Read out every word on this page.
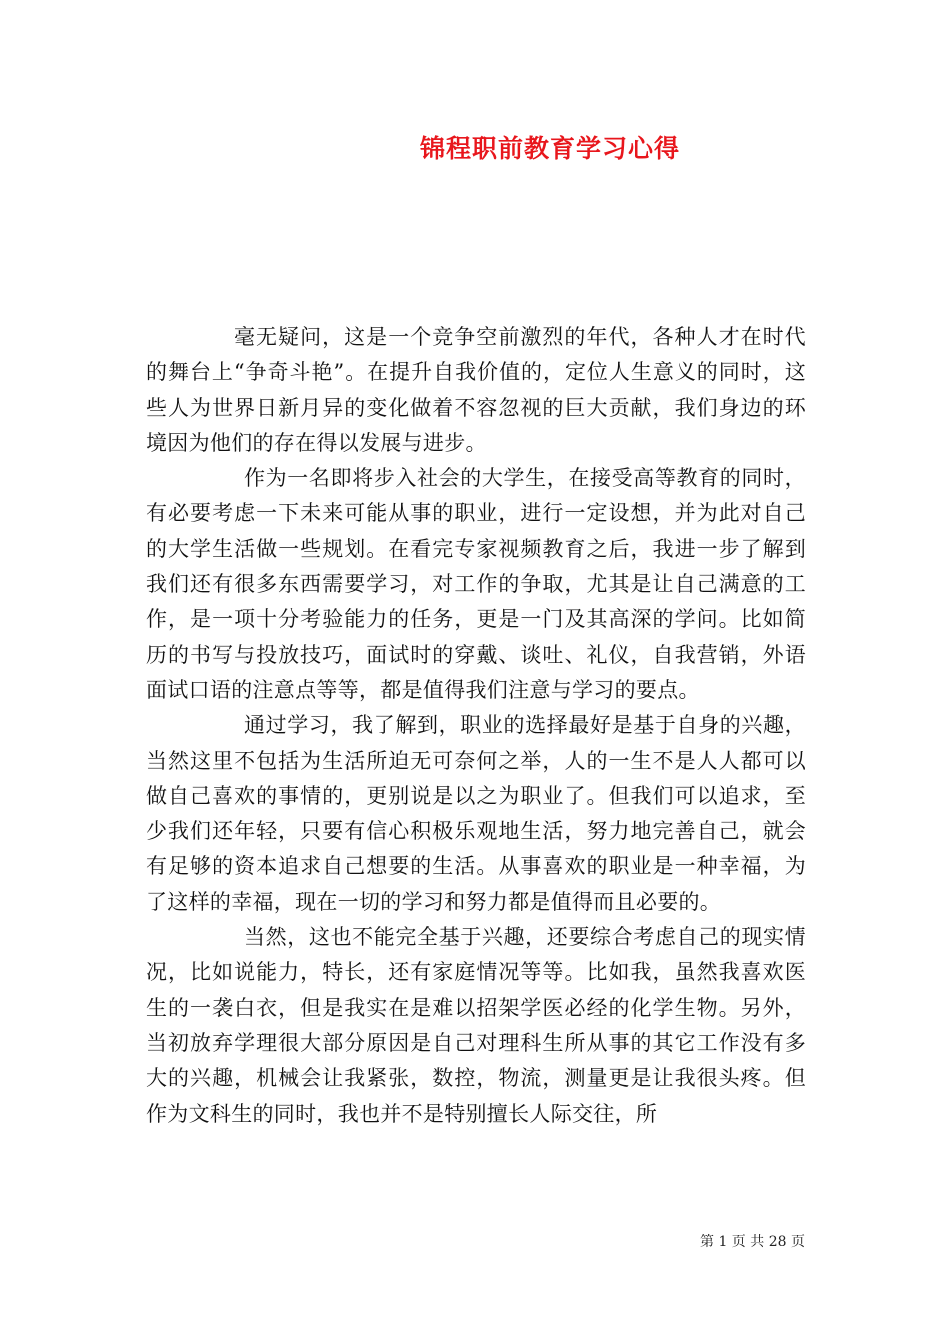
锦程职前教育学习心得

毫无疑问，这是一个竞争空前激烈的年代，各种人才在时代的舞台上“争奇斗艳”。在提升自我价值的，定位人生意义的同时，这些人为世界日新月异的变化做着不容忽视的巨大贡献，我们身边的环境因为他们的存在得以发展与进步。

作为一名即将步入社会的大学生，在接受高等教育的同时，有必要考虑一下未来可能从事的职业，进行一定设想，并为此对自己的大学生活做一些规划。在看完专家视频教育之后，我进一步了解到我们还有很多东西需要学习，对工作的争取，尤其是让自己满意的工作，是一项十分考验能力的任务，更是一门及其高深的学问。比如简历的书写与投放技巧，面试时的穿戴、谈吐、礼仪，自我营销，外语面试口语的注意点等等，都是值得我们注意与学习的要点。

通过学习，我了解到，职业的选择最好是基于自身的兴趣，当然这里不包括为生活所迫无可奈何之举，人的一生不是人人都可以做自己喜欢的事情的，更别说是以之为职业了。但我们可以追求，至少我们还年轻，只要有信心积极乐观地生活，努力地完善自己，就会有足够的资本追求自己想要的生活。从事喜欢的职业是一种幸福，为了这样的幸福，现在一切的学习和努力都是值得而且必要的。

当然，这也不能完全基于兴趣，还要综合考虑自己的现实情况，比如说能力，特长，还有家庭情况等等。比如我，虽然我喜欢医生的一袭白衣，但是我实在是难以招架学医必经的化学生物。另外，当初放弃学理很大部分原因是自己对理科生所从事的其它工作没有多大的兴趣，机械会让我紧张，数控，物流，测量更是让我很头疼。但作为文科生的同时，我也并不是特别擅长人际交往，所

第 1 页 共 28 页
